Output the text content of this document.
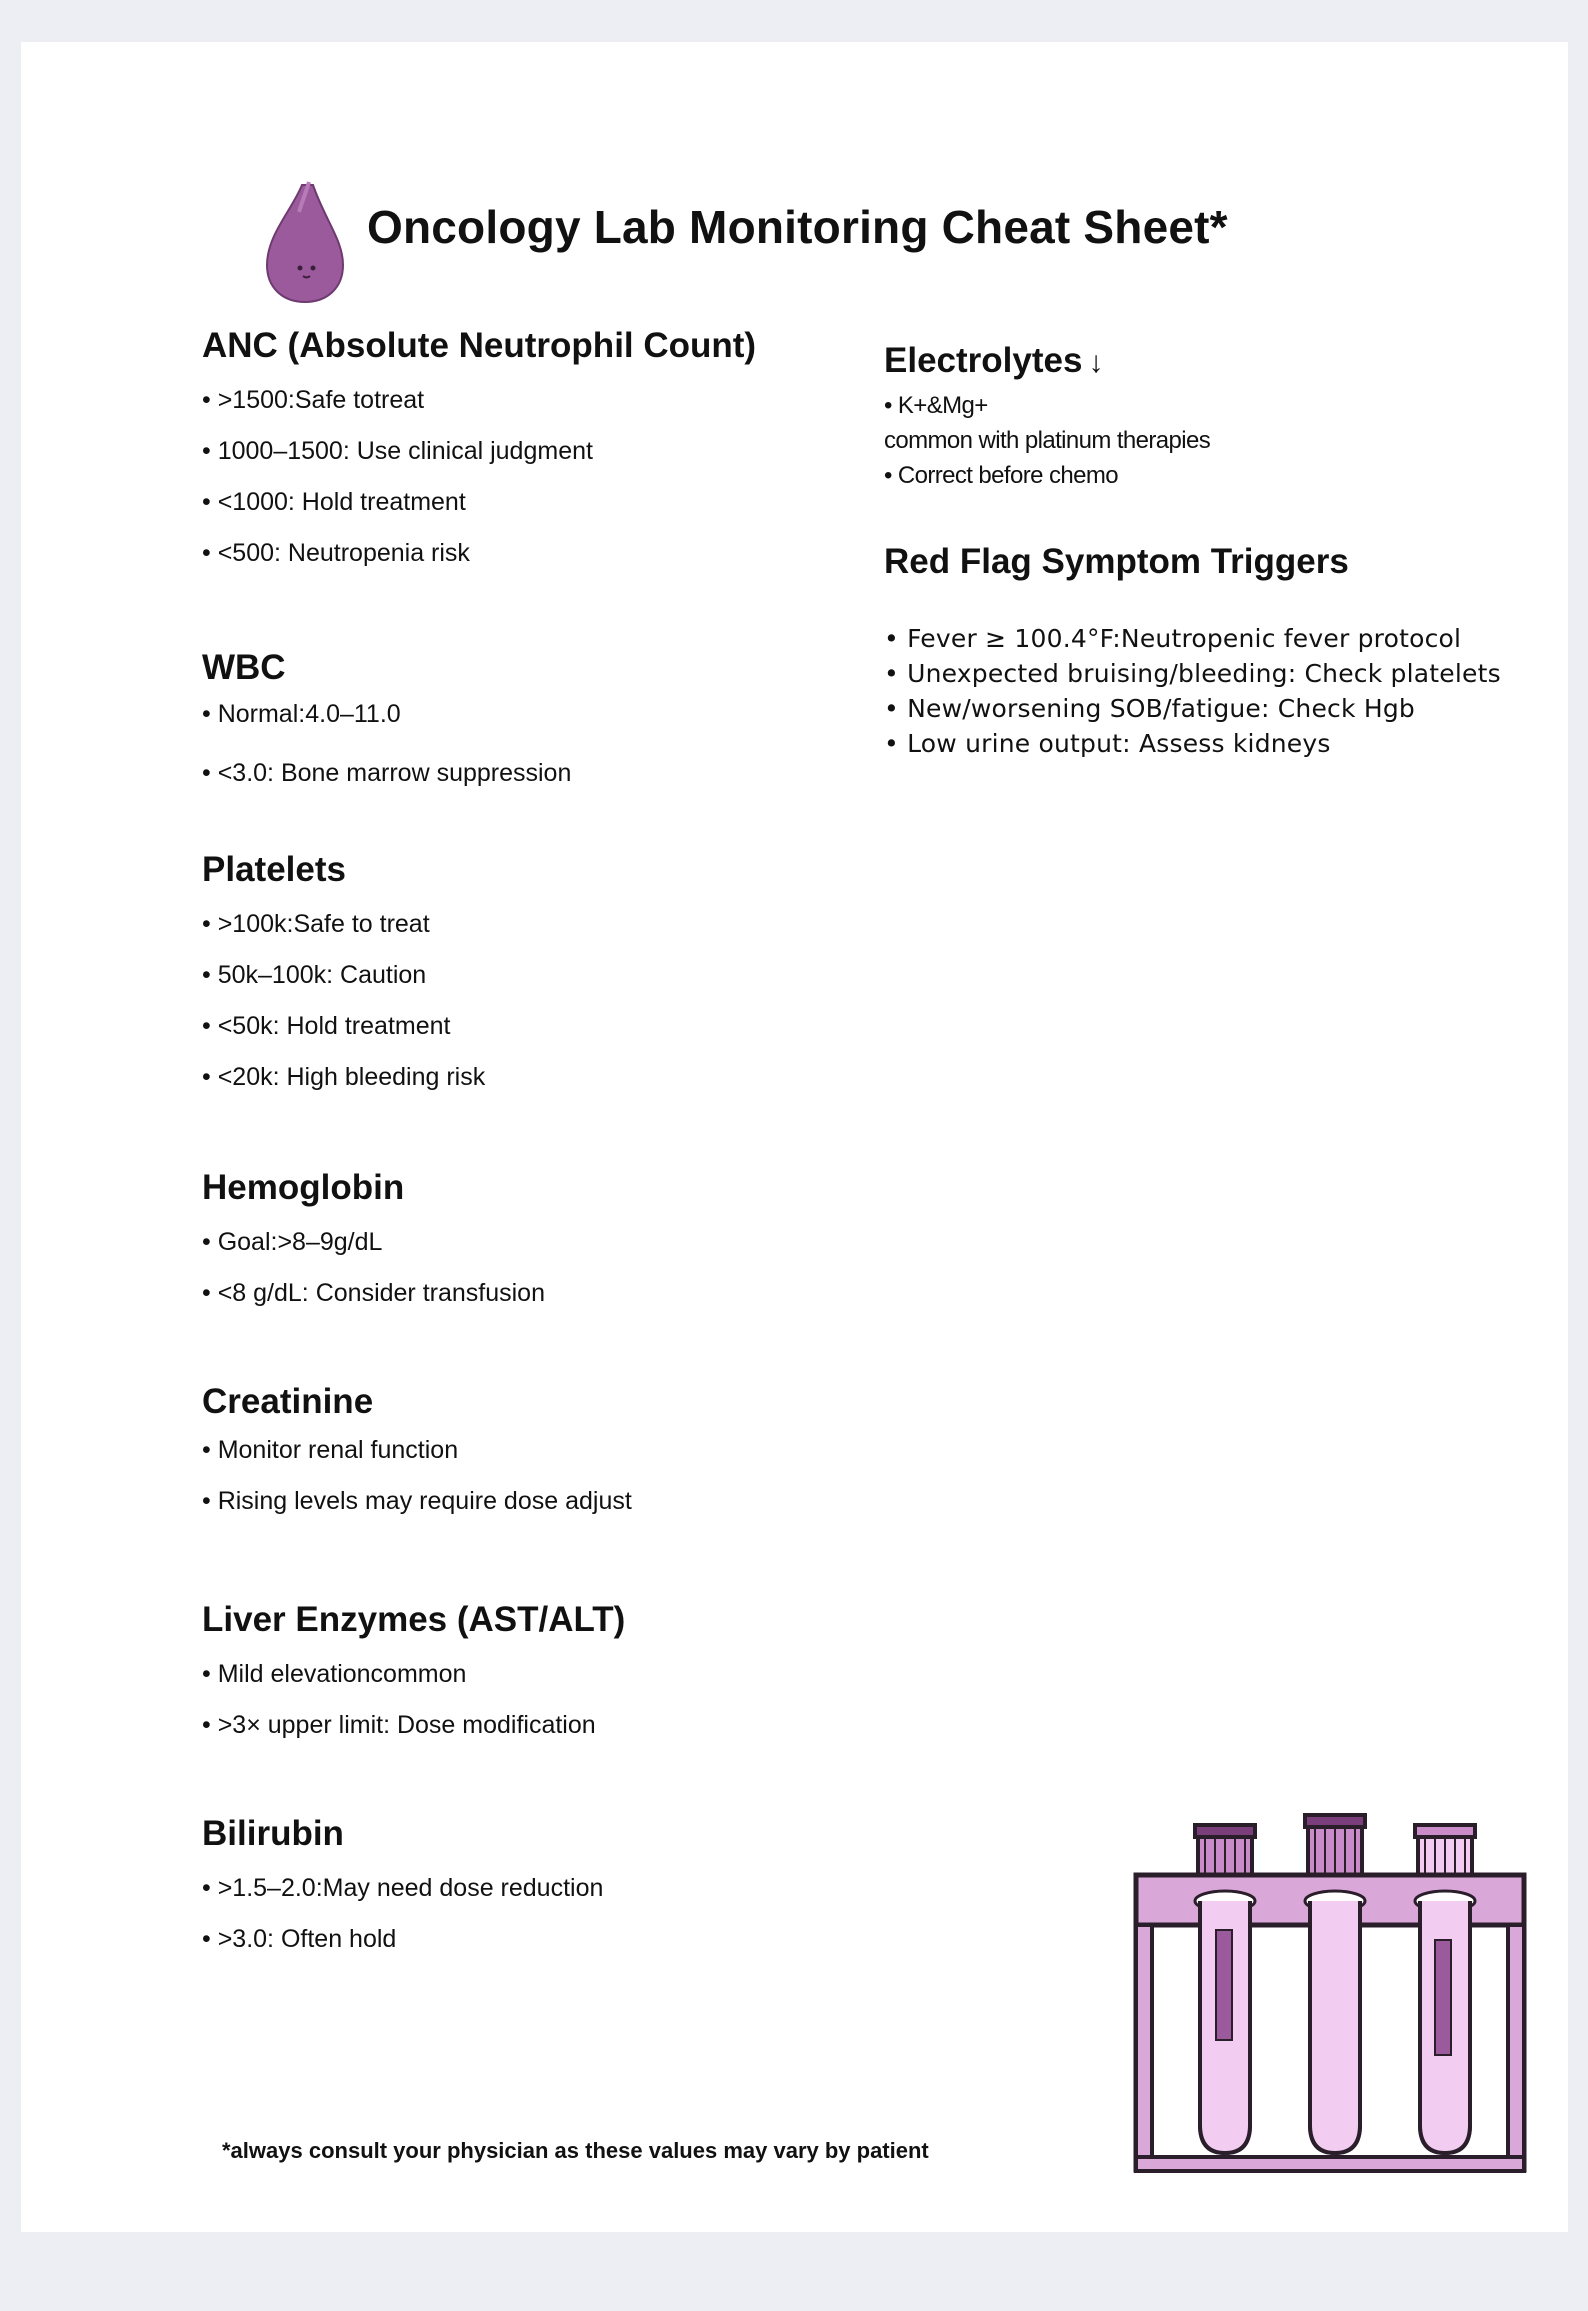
Oncology Lab Monitoring Cheat Sheet*
ANC (Absolute Neutrophil Count)
• >1500:Safe totreat
• 1000–1500: Use clinical judgment
• <1000: Hold treatment
• <500: Neutropenia risk
WBC
• Normal:4.0–11.0
• <3.0: Bone marrow suppression
Platelets
• >100k:Safe to treat
• 50k–100k: Caution
• <50k: Hold treatment
• <20k: High bleeding risk
Hemoglobin
• Goal:>8–9g/dL
• <8 g/dL: Consider transfusion
Creatinine
• Monitor renal function
• Rising levels may require dose adjust
Liver Enzymes (AST/ALT)
• Mild elevationcommon
• >3× upper limit: Dose modification
Bilirubin
• >1.5–2.0:May need dose reduction
• >3.0: Often hold
Electrolytes ↓
• K+&Mg+
common with platinum therapies
• Correct before chemo
Red Flag Symptom Triggers
• Fever ≥ 100.4°F:Neutropenic fever protocol
• Unexpected bruising/bleeding: Check platelets
• New/worsening SOB/fatigue: Check Hgb
• Low urine output: Assess kidneys
*always consult your physician as these values may vary by patient
